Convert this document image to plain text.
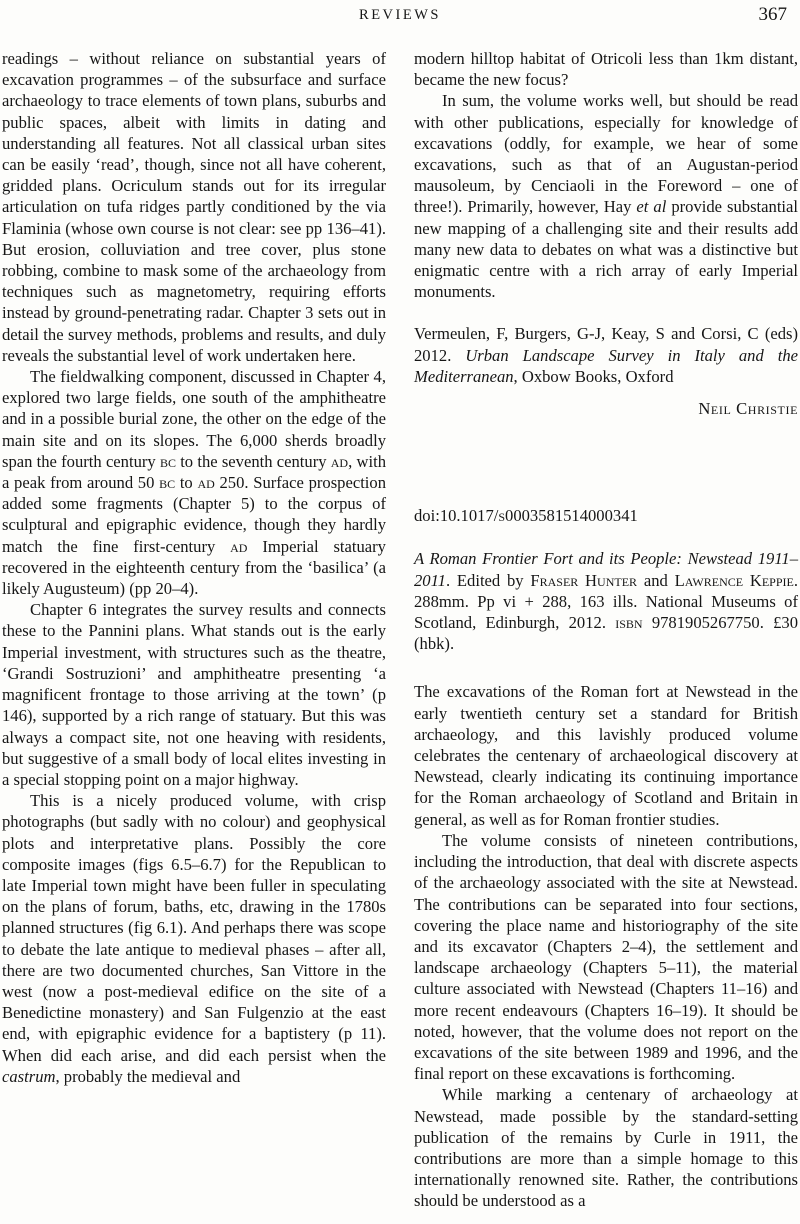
REVIEWS	367

readings – without reliance on substantial years of excavation programmes – of the subsurface and surface archaeology to trace elements of town plans, suburbs and public spaces, albeit with limits in dating and understanding all features. Not all classical urban sites can be easily ‘read’, though, since not all have coherent, gridded plans. Ocriculum stands out for its irregular articulation on tufa ridges partly conditioned by the via Flaminia (whose own course is not clear: see pp 136–41). But erosion, colluviation and tree cover, plus stone robbing, combine to mask some of the archaeology from techniques such as magnetometry, requiring efforts instead by ground-penetrating radar. Chapter 3 sets out in detail the survey methods, problems and results, and duly reveals the substantial level of work undertaken here.

The fieldwalking component, discussed in Chapter 4, explored two large fields, one south of the amphitheatre and in a possible burial zone, the other on the edge of the main site and on its slopes. The 6,000 sherds broadly span the fourth century bc to the seventh century ad, with a peak from around 50 bc to ad 250. Surface prospection added some fragments (Chapter 5) to the corpus of sculptural and epigraphic evidence, though they hardly match the fine first-century ad Imperial statuary recovered in the eighteenth century from the ‘basilica’ (a likely Augusteum) (pp 20–4).

Chapter 6 integrates the survey results and connects these to the Pannini plans. What stands out is the early Imperial investment, with structures such as the theatre, ‘Grandi Sostruzioni’ and amphitheatre presenting ‘a magnificent frontage to those arriving at the town’ (p 146), supported by a rich range of statuary. But this was always a compact site, not one heaving with residents, but suggestive of a small body of local elites investing in a special stopping point on a major highway.

This is a nicely produced volume, with crisp photographs (but sadly with no colour) and geophysical plots and interpretative plans. Possibly the core composite images (figs 6.5–6.7) for the Republican to late Imperial town might have been fuller in speculating on the plans of forum, baths, etc, drawing in the 1780s planned structures (fig 6.1). And perhaps there was scope to debate the late antique to medieval phases – after all, there are two documented churches, San Vittore in the west (now a post-medieval edifice on the site of a Benedictine monastery) and San Fulgenzio at the east end, with epigraphic evidence for a baptistery (p 11). When did each arise, and did each persist when the castrum, probably the medieval and

modern hilltop habitat of Otricoli less than 1km distant, became the new focus?

In sum, the volume works well, but should be read with other publications, especially for knowledge of excavations (oddly, for example, we hear of some excavations, such as that of an Augustan-period mausoleum, by Cenciaoli in the Foreword – one of three!). Primarily, however, Hay et al provide substantial new mapping of a challenging site and their results add many new data to debates on what was a distinctive but enigmatic centre with a rich array of early Imperial monuments.

Vermeulen, F, Burgers, G-J, Keay, S and Corsi, C (eds) 2012. Urban Landscape Survey in Italy and the Mediterranean, Oxbow Books, Oxford

Neil Christie

doi:10.1017/s0003581514000341

A Roman Frontier Fort and its People: Newstead 1911–2011. Edited by Fraser Hunter and Lawrence Keppie. 288mm. Pp vi + 288, 163 ills. National Museums of Scotland, Edinburgh, 2012. isbn 9781905267750. £30 (hbk).

The excavations of the Roman fort at Newstead in the early twentieth century set a standard for British archaeology, and this lavishly produced volume celebrates the centenary of archaeological discovery at Newstead, clearly indicating its continuing importance for the Roman archaeology of Scotland and Britain in general, as well as for Roman frontier studies.

The volume consists of nineteen contributions, including the introduction, that deal with discrete aspects of the archaeology associated with the site at Newstead. The contributions can be separated into four sections, covering the place name and historiography of the site and its excavator (Chapters 2–4), the settlement and landscape archaeology (Chapters 5–11), the material culture associated with Newstead (Chapters 11–16) and more recent endeavours (Chapters 16–19). It should be noted, however, that the volume does not report on the excavations of the site between 1989 and 1996, and the final report on these excavations is forthcoming.

While marking a centenary of archaeology at Newstead, made possible by the standard-setting publication of the remains by Curle in 1911, the contributions are more than a simple homage to this internationally renowned site. Rather, the contributions should be understood as a
